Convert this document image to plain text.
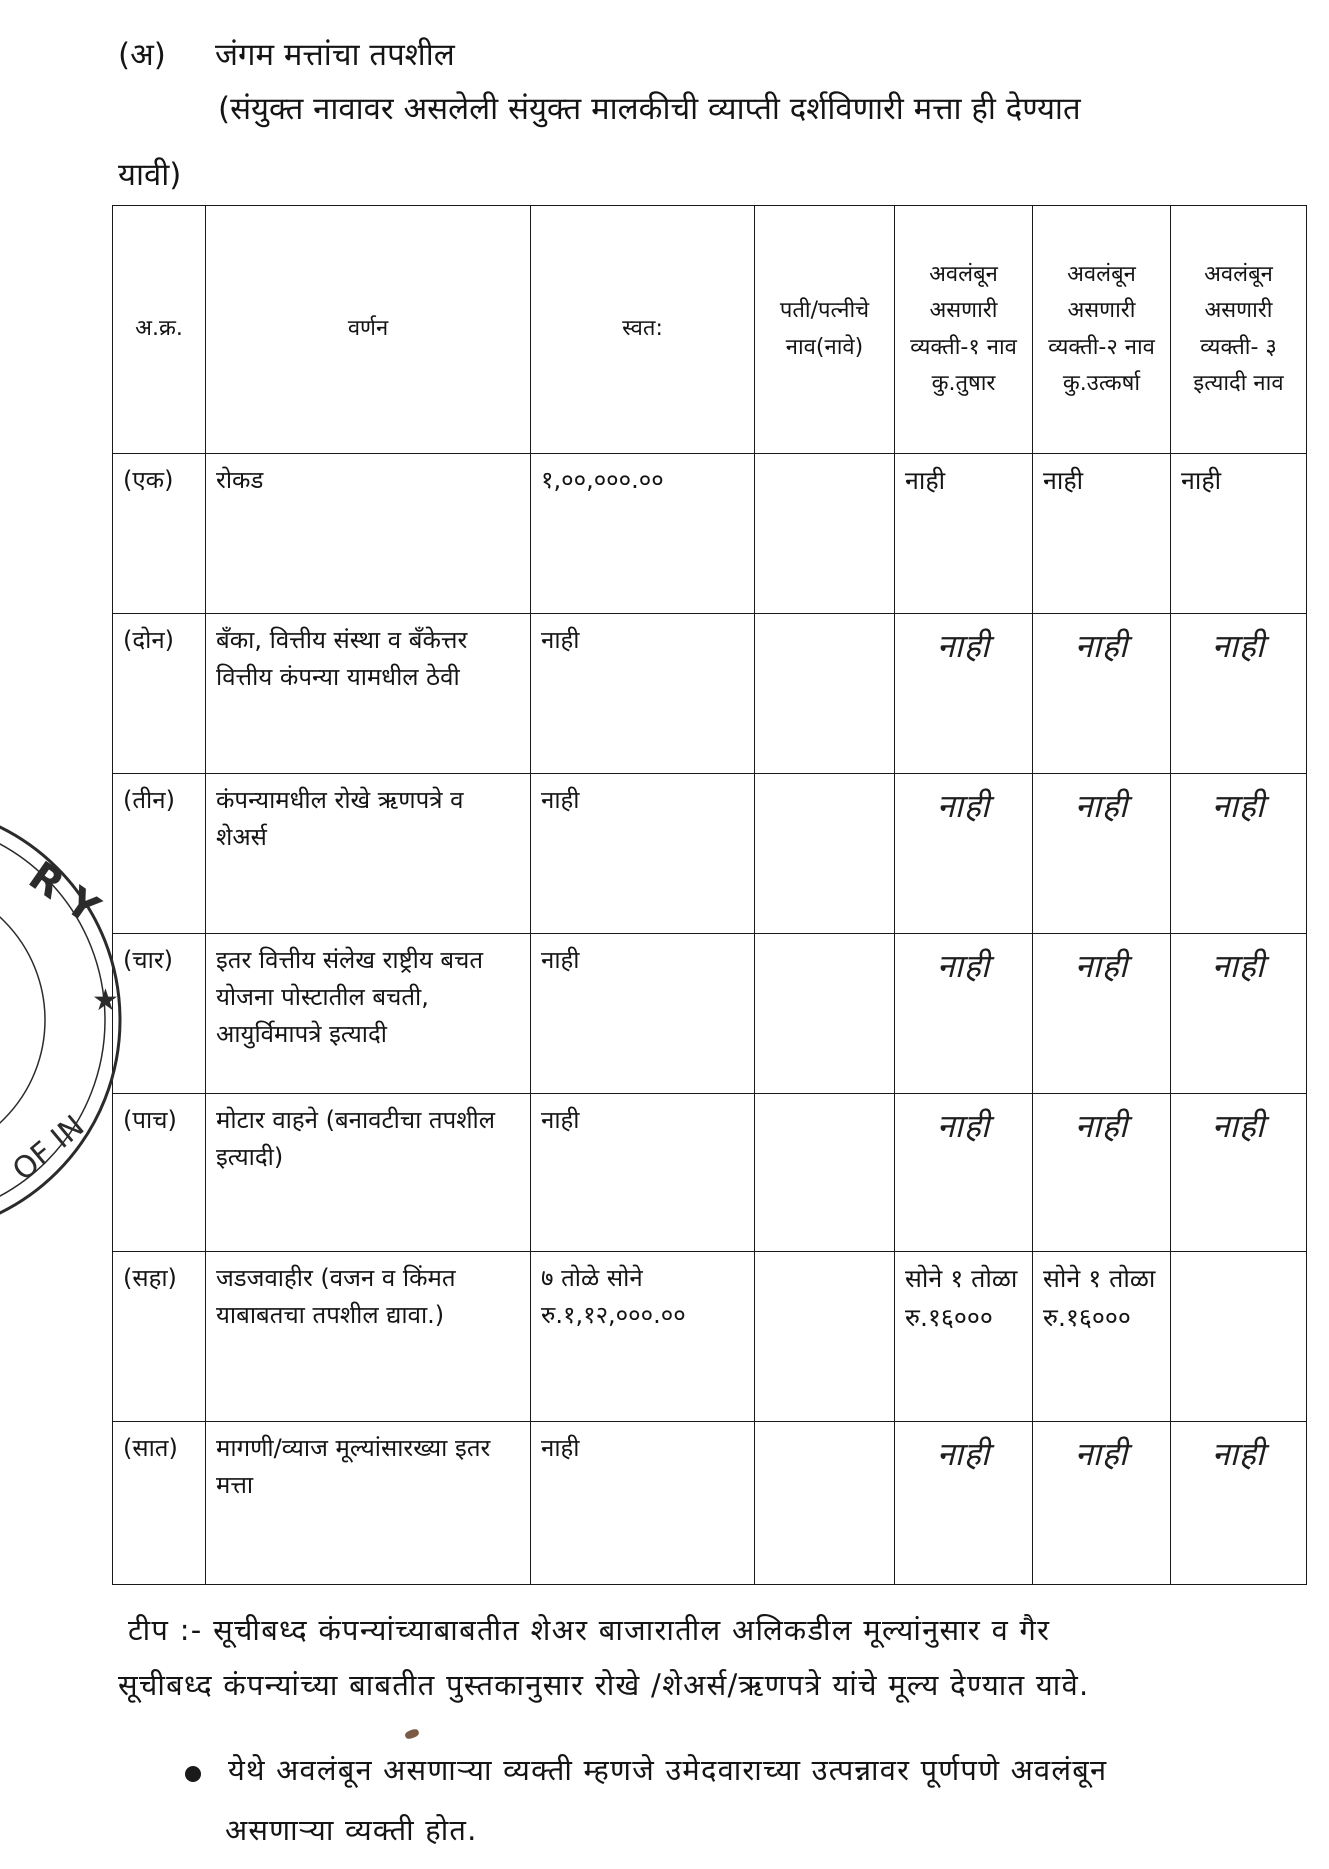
(अ) जंगम मत्तांचा तपशील
(संयुक्त नावावर असलेली संयुक्त मालकीची व्याप्ती दर्शविणारी मत्ता ही देण्यात
यावी)
अ.क्र.	वर्णन	स्वत:	पती/पत्नीचे नाव(नावे)	अवलंबून असणारी व्यक्ती-१ नाव कु.तुषार	अवलंबून असणारी व्यक्ती-२ नाव कु.उत्कर्षा	अवलंबून असणारी व्यक्ती- ३ इत्यादी नाव
(एक)	रोकड	१,००,०००.००		नाही	नाही	नाही
(दोन)	बँका, वित्तीय संस्था व बँकेत्तर वित्तीय कंपन्या यामधील ठेवी	नाही		नाही	नाही	नाही
(तीन)	कंपन्यामधील रोखे ऋणपत्रे व शेअर्स	नाही		नाही	नाही	नाही
(चार)	इतर वित्तीय संलेख राष्ट्रीय बचत योजना पोस्टातील बचती, आयुर्विमापत्रे इत्यादी	नाही		नाही	नाही	नाही
(पाच)	मोटार वाहने (बनावटीचा तपशील इत्यादी)	नाही		नाही	नाही	नाही
(सहा)	जडजवाहीर (वजन व किंमत याबाबतचा तपशील द्यावा.)	७ तोळे सोने रु.१,१२,०००.००		सोने १ तोळा रु.१६०००	सोने १ तोळा रु.१६०००	
(सात)	मागणी/व्याज मूल्यांसारख्या इतर मत्ता	नाही		नाही	नाही	नाही
टीप :- सूचीबध्द कंपन्यांच्याबाबतीत शेअर बाजारातील अलिकडील मूल्यांनुसार व गैर
सूचीबध्द कंपन्यांच्या बाबतीत पुस्तकानुसार रोखे /शेअर्स/ऋणपत्रे यांचे मूल्य देण्यात यावे.
येथे अवलंबून असणाऱ्या व्यक्ती म्हणजे उमेदवाराच्या उत्पन्नावर पूर्णपणे अवलंबून
असणाऱ्या व्यक्ती होत.
R Y
★
OF IN
